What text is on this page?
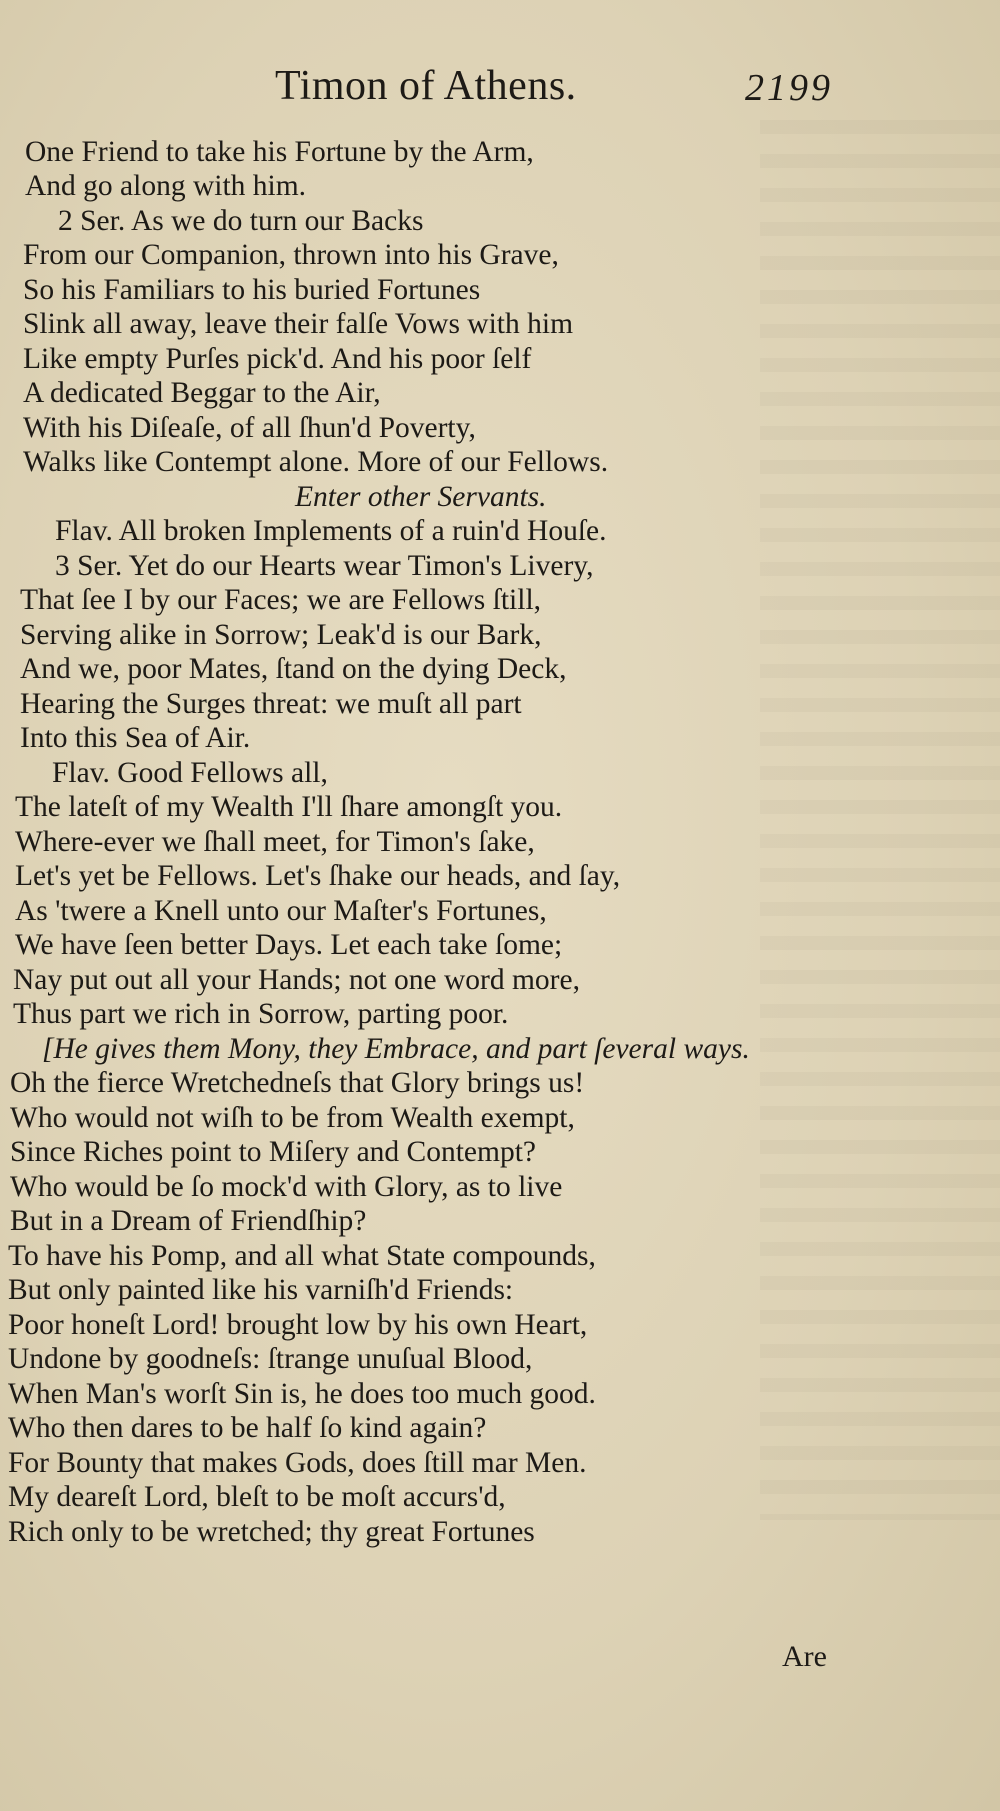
Timon of Athens.	2199
One Friend to take his Fortune by the Arm,
And go along with him.
2 Ser. As we do turn our Backs
From our Companion, thrown into his Grave,
So his Familiars to his buried Fortunes
Slink all away, leave their falſe Vows with him
Like empty Purſes pick'd. And his poor ſelf
A dedicated Beggar to the Air,
With his Diſeaſe, of all ſhun'd Poverty,
Walks like Contempt alone. More of our Fellows.
Enter other Servants.
Flav. All broken Implements of a ruin'd Houſe.
3 Ser. Yet do our Hearts wear Timon's Livery,
That ſee I by our Faces; we are Fellows ſtill,
Serving alike in Sorrow; Leak'd is our Bark,
And we, poor Mates, ſtand on the dying Deck,
Hearing the Surges threat: we muſt all part
Into this Sea of Air.
Flav. Good Fellows all,
The lateſt of my Wealth I'll ſhare amongſt you.
Where-ever we ſhall meet, for Timon's ſake,
Let's yet be Fellows. Let's ſhake our heads, and ſay,
As 'twere a Knell unto our Maſter's Fortunes,
We have ſeen better Days. Let each take ſome;
Nay put out all your Hands; not one word more,
Thus part we rich in Sorrow, parting poor.
[He gives them Mony, they Embrace, and part ſeveral ways.
Oh the fierce Wretchedneſs that Glory brings us!
Who would not wiſh to be from Wealth exempt,
Since Riches point to Miſery and Contempt?
Who would be ſo mock'd with Glory, as to live
But in a Dream of Friendſhip?
To have his Pomp, and all what State compounds,
But only painted like his varniſh'd Friends:
Poor honeſt Lord! brought low by his own Heart,
Undone by goodneſs: ſtrange unuſual Blood,
When Man's worſt Sin is, he does too much good.
Who then dares to be half ſo kind again?
For Bounty that makes Gods, does ſtill mar Men.
My deareſt Lord, bleſt to be moſt accurs'd,
Rich only to be wretched; thy great Fortunes
Are
